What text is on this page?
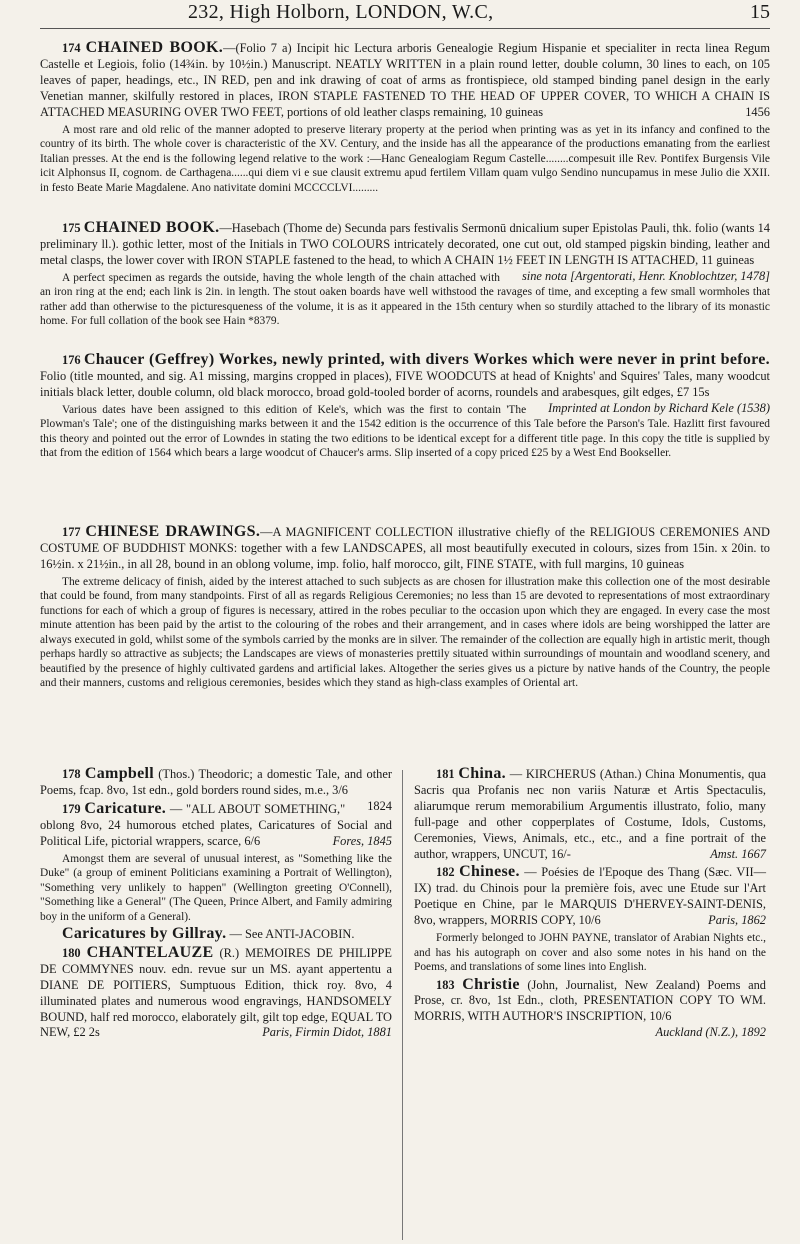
232, High Holborn, LONDON, W.C,	15

174 CHAINED BOOK.—(Folio 7 a) Incipit hic Lectura arboris Genealogie Regium Hispanie et specialiter in recta linea Regum Castelle et Legiois, folio (14¾in. by 10½in.) Manuscript. NEATLY WRITTEN in a plain round letter, double column, 30 lines to each, on 105 leaves of paper, headings, etc., IN RED, pen and ink drawing of coat of arms as frontispiece, old stamped binding panel design in the early Venetian manner, skilfully restored in places, IRON STAPLE FASTENED TO THE HEAD OF UPPER COVER, TO WHICH A CHAIN IS ATTACHED MEASURING OVER TWO FEET, portions of old leather clasps remaining, 10 guineas	1456

A most rare and old relic of the manner adopted to preserve literary property at the period when printing was as yet in its infancy and confined to the country of its birth. The whole cover is characteristic of the XV. Century, and the inside has all the appearance of the productions emanating from the earliest Italian presses. At the end is the following legend relative to the work :—Hanc Genealogiam Regum Castelle........compesuit ille Rev. Pontifex Burgensis Vile icit Alphonsus II, cognom. de Carthagena......qui diem vi e sue clausit extremu apud fertilem Villam quam vulgo Sendino nuncupamus in mese Julio die XXII. in festo Beate Marie Magdalene. Ano nativitate domini MCCCCLVI.........

175 CHAINED BOOK.—Hasebach (Thome de) Secunda pars festivalis Sermonū dnicalium super Epistolas Pauli, thk. folio (wants 14 preliminary ll.). gothic letter, most of the Initials in TWO COLOURS intricately decorated, one cut out, old stamped pigskin binding, leather and metal clasps, the lower cover with IRON STAPLE fastened to the head, to which A CHAIN 1½ FEET IN LENGTH IS ATTACHED, 11 guineas
sine nota [Argentorati, Henr. Knoblochtzer, 1478]

A perfect specimen as regards the outside, having the whole length of the chain attached with an iron ring at the end; each link is 2in. in length. The stout oaken boards have well withstood the ravages of time, and excepting a few small wormholes that rather add than otherwise to the picturesqueness of the volume, it is as it appeared in the 15th century when so sturdily attached to the library of its monastic home. For full collation of the book see Hain *8379.

176 Chaucer (Geffrey) Workes, newly printed, with divers Workes which were never in print before. Folio (title mounted, and sig. A1 missing, margins cropped in places), FIVE WOODCUTS at head of Knights' and Squires' Tales, many woodcut initials black letter, double column, old black morocco, broad gold-tooled border of acorns, roundels and arabesques, gilt edges, £7 15s
Imprinted at London by Richard Kele (1538)

Various dates have been assigned to this edition of Kele's, which was the first to contain 'The Plowman's Tale'; one of the distinguishing marks between it and the 1542 edition is the occurrence of this Tale before the Parson's Tale. Hazlitt first favoured this theory and pointed out the error of Lowndes in stating the two editions to be identical except for a different title page. In this copy the title is supplied by that from the edition of 1564 which bears a large woodcut of Chaucer's arms. Slip inserted of a copy priced £25 by a West End Bookseller.

177 CHINESE DRAWINGS.—A MAGNIFICENT COLLECTION illustrative chiefly of the RELIGIOUS CEREMONIES AND COSTUME OF BUDDHIST MONKS: together with a few LANDSCAPES, all most beautifully executed in colours, sizes from 15in. x 20in. to 16½in. x 21½in., in all 28, bound in an oblong volume, imp. folio, half morocco, gilt, FINE STATE, with full margins, 10 guineas

The extreme delicacy of finish, aided by the interest attached to such subjects as are chosen for illustration make this collection one of the most desirable that could be found, from many standpoints. First of all as regards Religious Ceremonies; no less than 15 are devoted to representations of most extraordinary functions for each of which a group of figures is necessary, attired in the robes peculiar to the occasion upon which they are engaged. In every case the most minute attention has been paid by the artist to the colouring of the robes and their arrangement, and in cases where idols are being worshipped the latter are always executed in gold, whilst some of the symbols carried by the monks are in silver. The remainder of the collection are equally high in artistic merit, though perhaps hardly so attractive as subjects; the Landscapes are views of monasteries prettily situated within surroundings of mountain and woodland scenery, and beautified by the presence of highly cultivated gardens and artificial lakes. Altogether the series gives us a picture by native hands of the Country, the people and their manners, customs and religious ceremonies, besides which they stand as high-class examples of Oriental art.

178 Campbell (Thos.) Theodoric; a domestic Tale, and other Poems, fcap. 8vo, 1st edn., gold borders round sides, m.e., 3/6
1824

179 Caricature. — "ALL ABOUT SOMETHING," oblong 8vo, 24 humorous etched plates, Caricatures of Social and Political Life, pictorial wrappers, scarce, 6/6	Fores, 1845

Amongst them are several of unusual interest, as "Something like the Duke" (a group of eminent Politicians examining a Portrait of Wellington), "Something very unlikely to happen" (Wellington greeting O'Connell), "Something like a General" (The Queen, Prince Albert, and Family admiring boy in the uniform of a General).

Caricatures by Gillray. — See ANTI-JACOBIN.

180 CHANTELAUZE (R.) MEMOIRES DE PHILIPPE DE COMMYNES nouv. edn. revue sur un MS. ayant appertentu a DIANE DE POITIERS, Sumptuous Edition, thick roy. 8vo, 4 illuminated plates and numerous wood engravings, HANDSOMELY BOUND, half red morocco, elaborately gilt, gilt top edge, EQUAL TO NEW, £2 2s	Paris, Firmin Didot, 1881

181 China. — KIRCHERUS (Athan.) China Monumentis, qua Sacris qua Profanis nec non variis Naturæ et Artis Spectaculis, aliarumque rerum memorabilium Argumentis illustrato, folio, many full-page and other copperplates of Costume, Idols, Customs, Ceremonies, Views, Animals, etc., etc., and a fine portrait of the author, wrappers, UNCUT, 16/-	Amst. 1667

182 Chinese. — Poésies de l'Epoque des Thang (Sæc. VII—IX) trad. du Chinois pour la première fois, avec une Etude sur l'Art Poetique en Chine, par le MARQUIS D'HERVEY-SAINT-DENIS, 8vo, wrappers, MORRIS COPY, 10/6	Paris, 1862

Formerly belonged to JOHN PAYNE, translator of Arabian Nights etc., and has his autograph on cover and also some notes in his hand on the Poems, and translations of some lines into English.

183 Christie (John, Journalist, New Zealand) Poems and Prose, cr. 8vo, 1st Edn., cloth, PRESENTATION COPY TO WM. MORRIS, WITH AUTHOR'S INSCRIPTION, 10/6
Auckland (N.Z.), 1892
